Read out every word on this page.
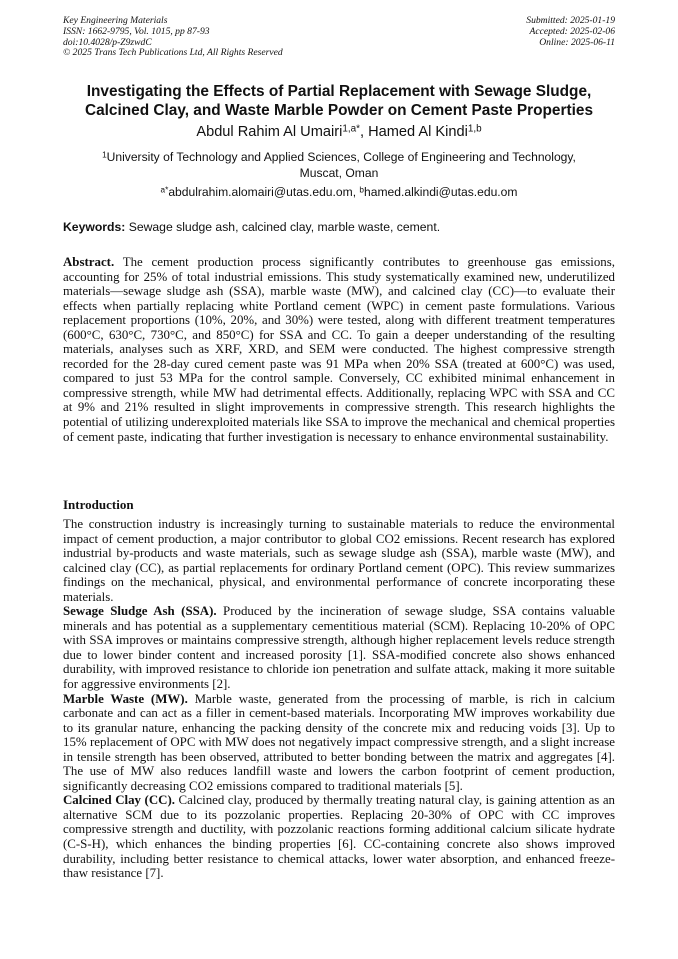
Key Engineering Materials
ISSN: 1662-9795, Vol. 1015, pp 87-93
doi:10.4028/p-Z9zwdC
© 2025 Trans Tech Publications Ltd, All Rights Reserved
Submitted: 2025-01-19
Accepted: 2025-02-06
Online: 2025-06-11
Investigating the Effects of Partial Replacement with Sewage Sludge,
Calcined Clay, and Waste Marble Powder on Cement Paste Properties
Abdul Rahim Al Umairi$^{1,a*}$, Hamed Al Kindi$^{1,b}$
$^1$University of Technology and Applied Sciences, College of Engineering and Technology,
Muscat, Oman
$^{a*}$abdulrahim.alomairi@utas.edu.om, $^b$hamed.alkindi@utas.edu.om
Keywords: Sewage sludge ash, calcined clay, marble waste, cement.
Abstract. The cement production process significantly contributes to greenhouse gas emissions, accounting for 25% of total industrial emissions. This study systematically examined new, underutilized materials—sewage sludge ash (SSA), marble waste (MW), and calcined clay (CC)—to evaluate their effects when partially replacing white Portland cement (WPC) in cement paste formulations. Various replacement proportions (10%, 20%, and 30%) were tested, along with different treatment temperatures (600°C, 630°C, 730°C, and 850°C) for SSA and CC. To gain a deeper understanding of the resulting materials, analyses such as XRF, XRD, and SEM were conducted. The highest compressive strength recorded for the 28-day cured cement paste was 91 MPa when 20% SSA (treated at 600°C) was used, compared to just 53 MPa for the control sample. Conversely, CC exhibited minimal enhancement in compressive strength, while MW had detrimental effects. Additionally, replacing WPC with SSA and CC at 9% and 21% resulted in slight improvements in compressive strength. This research highlights the potential of utilizing underexploited materials like SSA to improve the mechanical and chemical properties of cement paste, indicating that further investigation is necessary to enhance environmental sustainability.
Introduction

The construction industry is increasingly turning to sustainable materials to reduce the environmental impact of cement production, a major contributor to global CO2 emissions. Recent research has explored industrial by-products and waste materials, such as sewage sludge ash (SSA), marble waste (MW), and calcined clay (CC), as partial replacements for ordinary Portland cement (OPC). This review summarizes findings on the mechanical, physical, and environmental performance of concrete incorporating these materials.

Sewage Sludge Ash (SSA). Produced by the incineration of sewage sludge, SSA contains valuable minerals and has potential as a supplementary cementitious material (SCM). Replacing 10-20% of OPC with SSA improves or maintains compressive strength, although higher replacement levels reduce strength due to lower binder content and increased porosity [1]. SSA-modified concrete also shows enhanced durability, with improved resistance to chloride ion penetration and sulfate attack, making it more suitable for aggressive environments [2].

Marble Waste (MW). Marble waste, generated from the processing of marble, is rich in calcium carbonate and can act as a filler in cement-based materials. Incorporating MW improves workability due to its granular nature, enhancing the packing density of the concrete mix and reducing voids [3]. Up to 15% replacement of OPC with MW does not negatively impact compressive strength, and a slight increase in tensile strength has been observed, attributed to better bonding between the matrix and aggregates [4]. The use of MW also reduces landfill waste and lowers the carbon footprint of cement production, significantly decreasing CO2 emissions compared to traditional materials [5].

Calcined Clay (CC). Calcined clay, produced by thermally treating natural clay, is gaining attention as an alternative SCM due to its pozzolanic properties. Replacing 20-30% of OPC with CC improves compressive strength and ductility, with pozzolanic reactions forming additional calcium silicate hydrate (C-S-H), which enhances the binding properties [6]. CC-containing concrete also shows improved durability, including better resistance to chemical attacks, lower water absorption, and enhanced freeze-thaw resistance [7].
